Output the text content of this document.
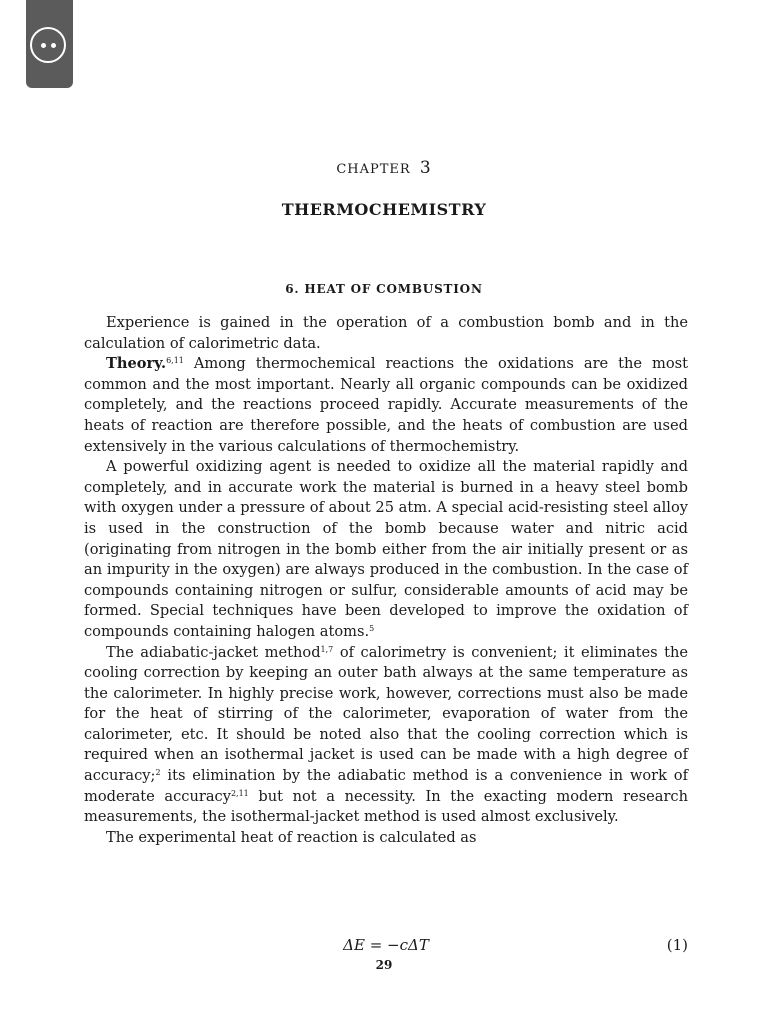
CHAPTER 3
THERMOCHEMISTRY
6. HEAT OF COMBUSTION

Experience is gained in the operation of a combustion bomb and in the calculation of calorimetric data.

Theory.$^{6,11}$ Among thermochemical reactions the oxidations are the most common and the most important. Nearly all organic compounds can be oxidized completely, and the reactions proceed rapidly. Accurate measurements of the heats of reaction are therefore possible, and the heats of combustion are used extensively in the various calculations of thermochemistry.

A powerful oxidizing agent is needed to oxidize all the material rapidly and completely, and in accurate work the material is burned in a heavy steel bomb with oxygen under a pressure of about 25 atm. A special acid-resisting steel alloy is used in the construction of the bomb because water and nitric acid (originating from nitrogen in the bomb either from the air initially present or as an impurity in the oxygen) are always produced in the combustion. In the case of compounds containing nitrogen or sulfur, considerable amounts of acid may be formed. Special techniques have been developed to improve the oxidation of compounds containing halogen atoms.$^5$

The adiabatic-jacket method$^{1,7}$ of calorimetry is convenient; it eliminates the cooling correction by keeping an outer bath always at the same temperature as the calorimeter. In highly precise work, however, corrections must also be made for the heat of stirring of the calorimeter, evaporation of water from the calorimeter, etc. It should be noted also that the cooling correction which is required when an isothermal jacket is used can be made with a high degree of accuracy;$^2$ its elimination by the adiabatic method is a convenience in work of moderate accuracy$^{2,11}$ but not a necessity. In the exacting modern research measurements, the isothermal-jacket method is used almost exclusively.

The experimental heat of reaction is calculated as

ΔE = −cΔT	(1)
29
